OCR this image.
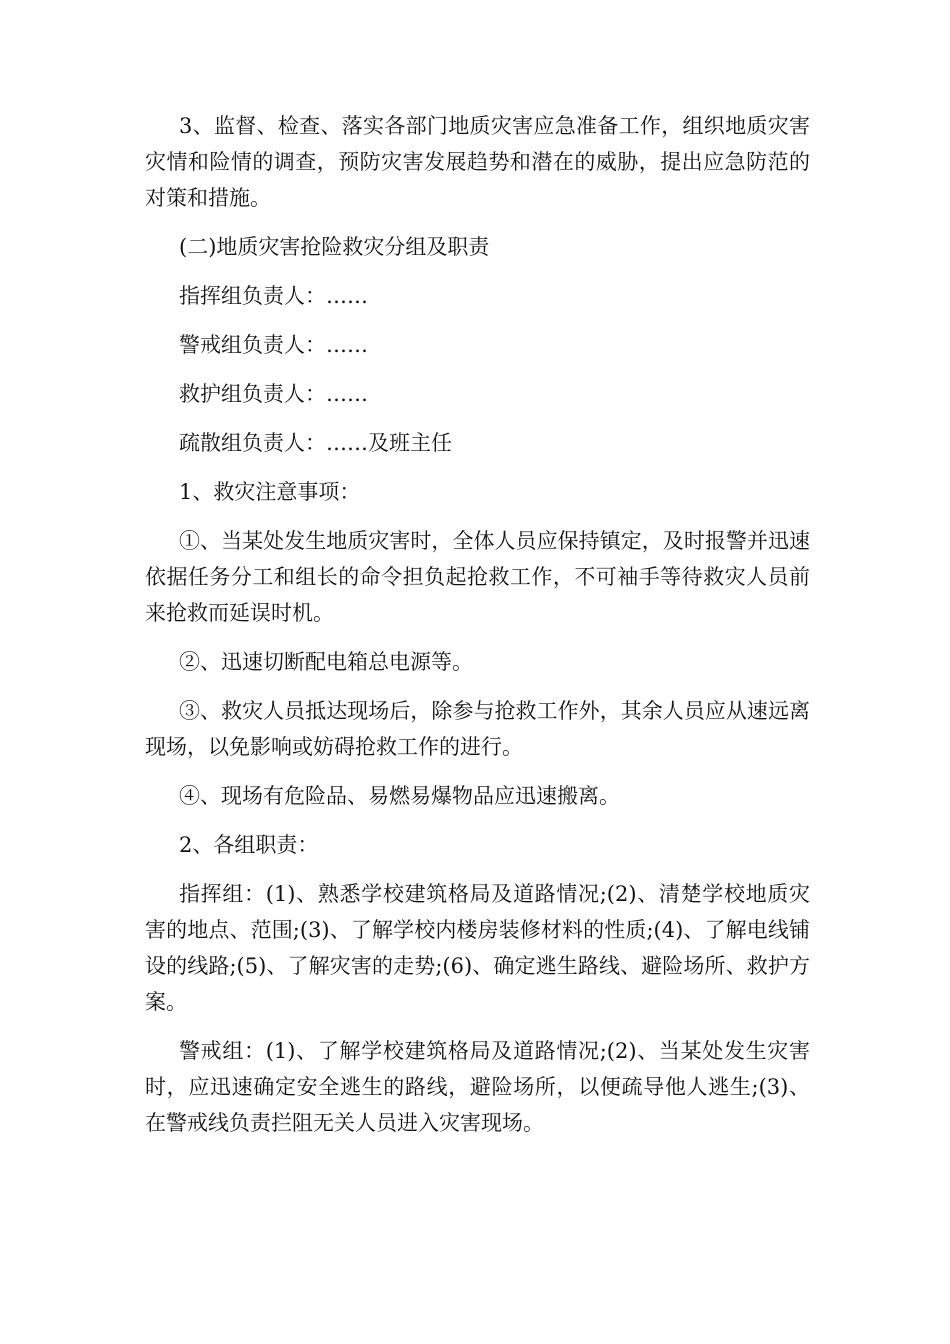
3、监督、检查、落实各部门地质灾害应急准备工作，组织地质灾害灾情和险情的调查，预防灾害发展趋势和潜在的威胁，提出应急防范的对策和措施。

(二)地质灾害抢险救灾分组及职责

指挥组负责人：……

警戒组负责人：……

救护组负责人：……

疏散组负责人：……及班主任

1、救灾注意事项：

①、当某处发生地质灾害时，全体人员应保持镇定，及时报警并迅速依据任务分工和组长的命令担负起抢救工作，不可袖手等待救灾人员前来抢救而延误时机。

②、迅速切断配电箱总电源等。

③、救灾人员抵达现场后，除参与抢救工作外，其余人员应从速远离现场，以免影响或妨碍抢救工作的进行。

④、现场有危险品、易燃易爆物品应迅速搬离。

2、各组职责：

指挥组：(1)、熟悉学校建筑格局及道路情况;(2)、清楚学校地质灾害的地点、范围;(3)、了解学校内楼房装修材料的性质;(4)、了解电线铺设的线路;(5)、了解灾害的走势;(6)、确定逃生路线、避险场所、救护方案。

警戒组：(1)、了解学校建筑格局及道路情况;(2)、当某处发生灾害时，应迅速确定安全逃生的路线，避险场所，以便疏导他人逃生;(3)、在警戒线负责拦阻无关人员进入灾害现场。
